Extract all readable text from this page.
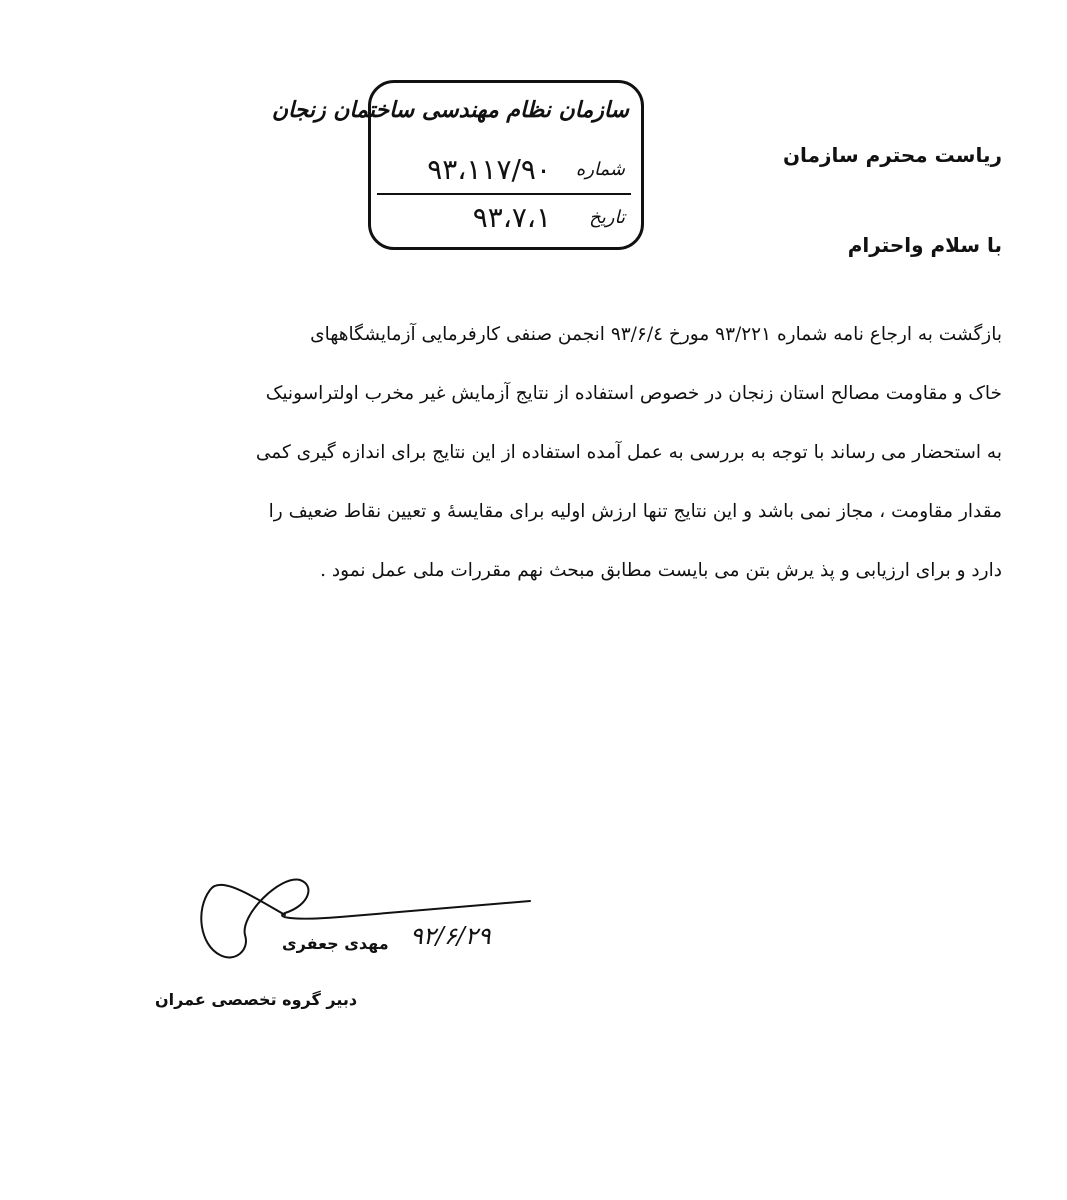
سازمان نظام مهندسی ساختمان زنجان
شماره
۹۳،۱۱۷/۹۰
تاریخ
۹۳،۷،۱
ریاست محترم سازمان
با سلام واحترام
بازگشت به ارجاع نامه شماره ۹۳/۲۲۱ مورخ ۹۳/۶/٤ انجمن صنفی کارفرمایی آزمایشگاههای
خاک و مقاومت مصالح استان زنجان در خصوص استفاده از نتایج آزمایش غیر مخرب اولتراسونیک
به استحضار می رساند با توجه به بررسی به عمل آمده استفاده از این نتایج برای اندازه گیری کمی
مقدار مقاومت ، مجاز نمی باشد و این نتایج تنها ارزش اولیه برای مقایسهٔ و تعیین نقاط ضعیف را
دارد و برای ارزیابی و پذ یرش بتن می بایست مطابق مبحث نهم مقررات ملی عمل نمود .
۹۲/۶/۲۹
مهدی جعفری
دبیر گروه تخصصی عمران
